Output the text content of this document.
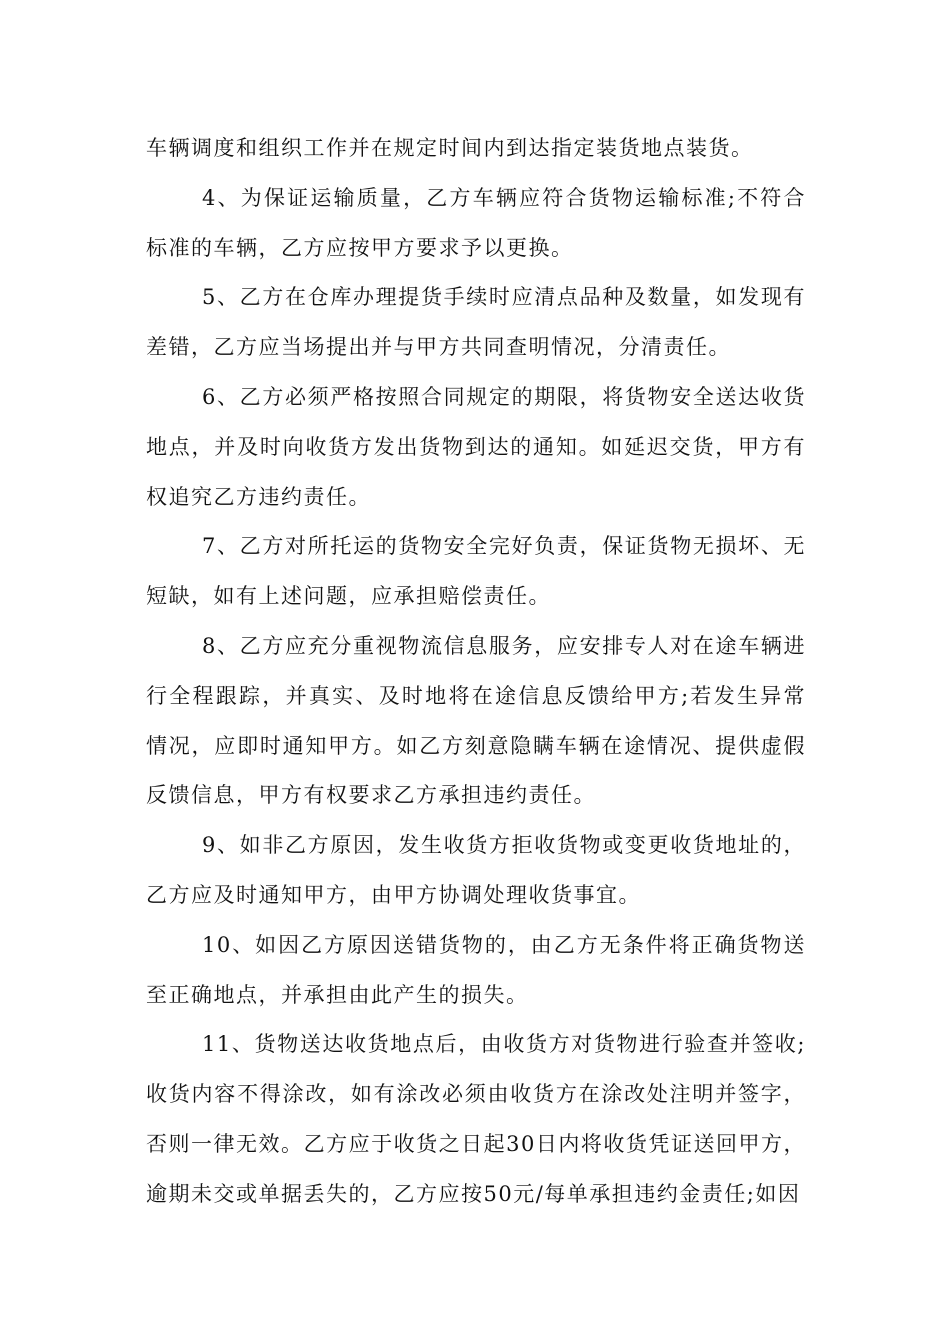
车辆调度和组织工作并在规定时间内到达指定装货地点装货。

4、为保证运输质量，乙方车辆应符合货物运输标准;不符合标准的车辆，乙方应按甲方要求予以更换。

5、乙方在仓库办理提货手续时应清点品种及数量，如发现有差错，乙方应当场提出并与甲方共同查明情况，分清责任。

6、乙方必须严格按照合同规定的期限，将货物安全送达收货地点，并及时向收货方发出货物到达的通知。如延迟交货，甲方有权追究乙方违约责任。

7、乙方对所托运的货物安全完好负责，保证货物无损坏、无短缺，如有上述问题，应承担赔偿责任。

8、乙方应充分重视物流信息服务，应安排专人对在途车辆进行全程跟踪，并真实、及时地将在途信息反馈给甲方;若发生异常情况，应即时通知甲方。如乙方刻意隐瞒车辆在途情况、提供虚假反馈信息，甲方有权要求乙方承担违约责任。

9、如非乙方原因，发生收货方拒收货物或变更收货地址的，乙方应及时通知甲方，由甲方协调处理收货事宜。

10、如因乙方原因送错货物的，由乙方无条件将正确货物送至正确地点，并承担由此产生的损失。

11、货物送达收货地点后，由收货方对货物进行验查并签收;收货内容不得涂改，如有涂改必须由收货方在涂改处注明并签字，否则一律无效。乙方应于收货之日起30日内将收货凭证送回甲方，逾期未交或单据丢失的，乙方应按50元/每单承担违约金责任;如因
